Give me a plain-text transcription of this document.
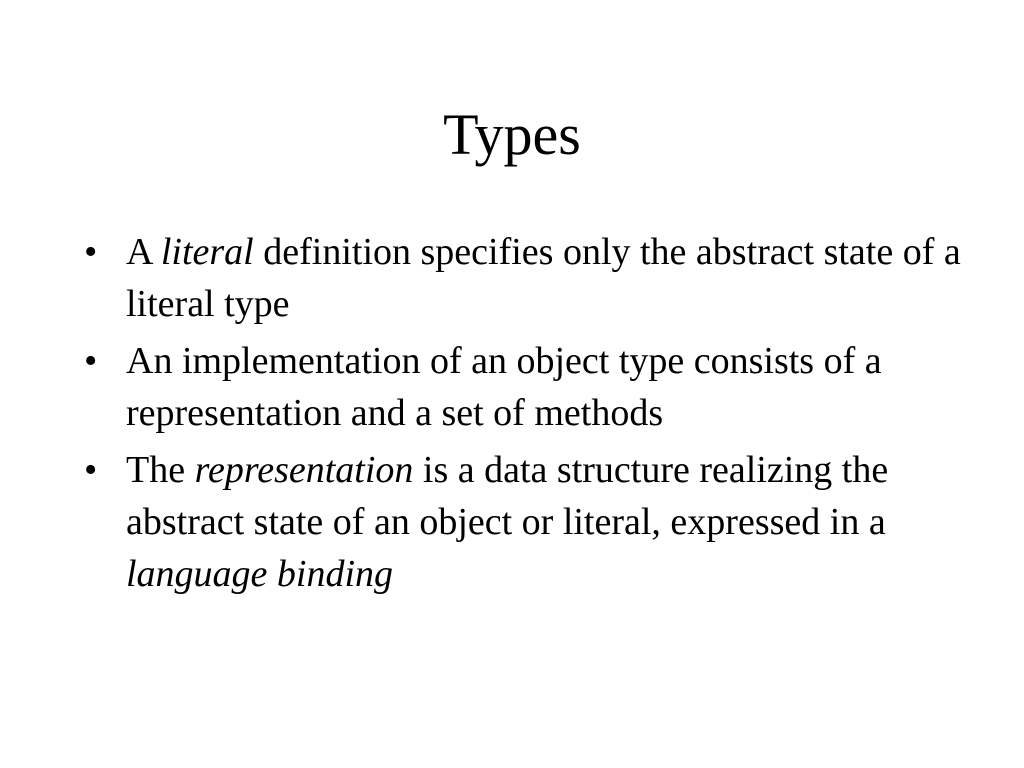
Types
• A literal definition specifies only the abstract state of a literal type
• An implementation of an object type consists of a representation and a set of methods
• The representation is a data structure realizing the abstract state of an object or literal, expressed in a language binding
